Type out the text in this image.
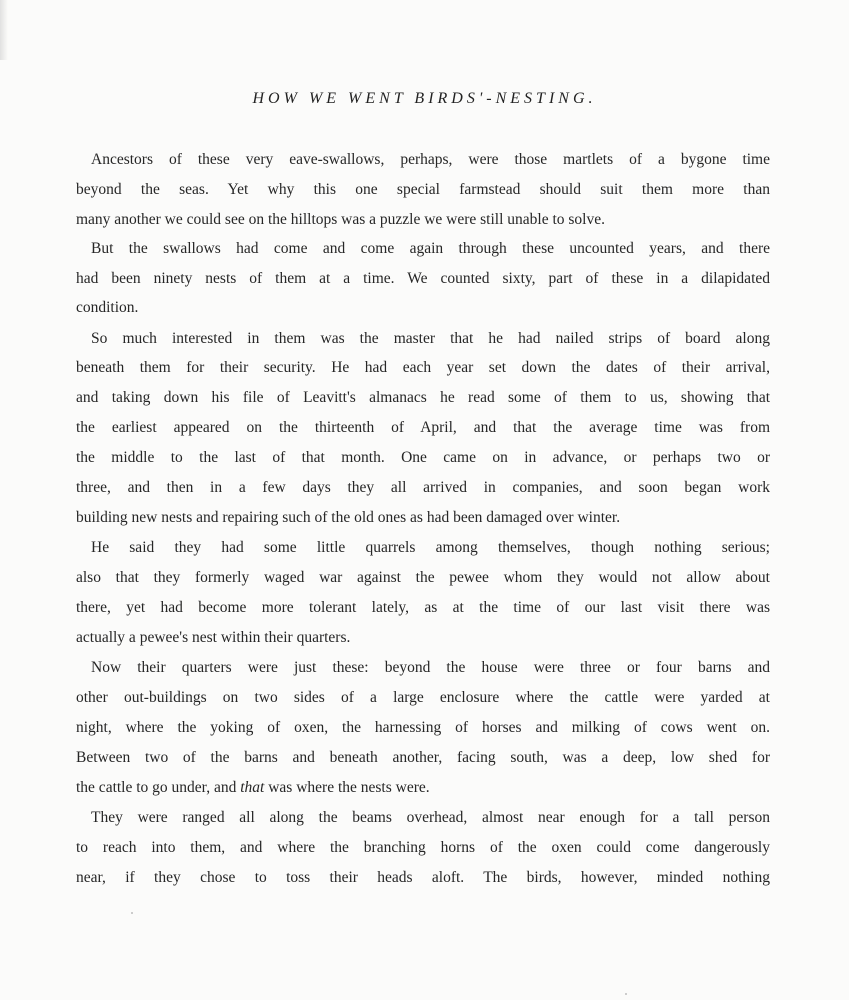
HOW WE WENT BIRDS'-NESTING.
Ancestors of these very eave-swallows, perhaps, were those martlets of a bygone time
beyond the seas. Yet why this one special farmstead should suit them more than
many another we could see on the hilltops was a puzzle we were still unable to solve.
But the swallows had come and come again through these uncounted years, and there
had been ninety nests of them at a time. We counted sixty, part of these in a dilapidated
condition.
So much interested in them was the master that he had nailed strips of board along
beneath them for their security. He had each year set down the dates of their arrival,
and taking down his file of Leavitt's almanacs he read some of them to us, showing that
the earliest appeared on the thirteenth of April, and that the average time was from
the middle to the last of that month. One came on in advance, or perhaps two or
three, and then in a few days they all arrived in companies, and soon began work
building new nests and repairing such of the old ones as had been damaged over winter.
He said they had some little quarrels among themselves, though nothing serious;
also that they formerly waged war against the pewee whom they would not allow about
there, yet had become more tolerant lately, as at the time of our last visit there was
actually a pewee's nest within their quarters.
Now their quarters were just these: beyond the house were three or four barns and
other out-buildings on two sides of a large enclosure where the cattle were yarded at
night, where the yoking of oxen, the harnessing of horses and milking of cows went on.
Between two of the barns and beneath another, facing south, was a deep, low shed for
the cattle to go under, and that was where the nests were.
They were ranged all along the beams overhead, almost near enough for a tall person
to reach into them, and where the branching horns of the oxen could come dangerously
near, if they chose to toss their heads aloft. The birds, however, minded nothing
